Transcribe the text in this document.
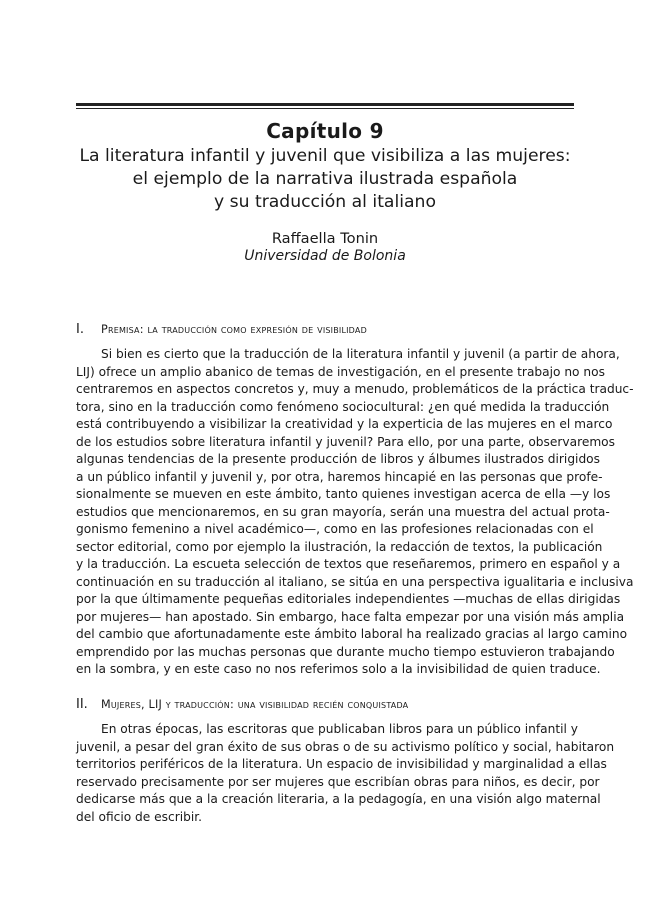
Capítulo 9
La literatura infantil y juvenil que visibiliza a las mujeres:
el ejemplo de la narrativa ilustrada española
y su traducción al italiano
Raffaella Tonin
Universidad de Bolonia
I. Premisa: la traducción como expresión de visibilidad
Si bien es cierto que la traducción de la literatura infantil y juvenil (a partir de ahora,
LIJ) ofrece un amplio abanico de temas de investigación, en el presente trabajo no nos
centraremos en aspectos concretos y, muy a menudo, problemáticos de la práctica traduc-
tora, sino en la traducción como fenómeno sociocultural: ¿en qué medida la traducción
está contribuyendo a visibilizar la creatividad y la experticia de las mujeres en el marco
de los estudios sobre literatura infantil y juvenil? Para ello, por una parte, observaremos
algunas tendencias de la presente producción de libros y álbumes ilustrados dirigidos
a un público infantil y juvenil y, por otra, haremos hincapié en las personas que profe-
sionalmente se mueven en este ámbito, tanto quienes investigan acerca de ella —y los
estudios que mencionaremos, en su gran mayoría, serán una muestra del actual prota-
gonismo femenino a nivel académico—, como en las profesiones relacionadas con el
sector editorial, como por ejemplo la ilustración, la redacción de textos, la publicación
y la traducción. La escueta selección de textos que reseñaremos, primero en español y a
continuación en su traducción al italiano, se sitúa en una perspectiva igualitaria e inclusiva
por la que últimamente pequeñas editoriales independientes —muchas de ellas dirigidas
por mujeres— han apostado. Sin embargo, hace falta empezar por una visión más amplia
del cambio que afortunadamente este ámbito laboral ha realizado gracias al largo camino
emprendido por las muchas personas que durante mucho tiempo estuvieron trabajando
en la sombra, y en este caso no nos referimos solo a la invisibilidad de quien traduce.
II. Mujeres, LIJ y traducción: una visibilidad recién conquistada
En otras épocas, las escritoras que publicaban libros para un público infantil y
juvenil, a pesar del gran éxito de sus obras o de su activismo político y social, habitaron
territorios periféricos de la literatura. Un espacio de invisibilidad y marginalidad a ellas
reservado precisamente por ser mujeres que escribían obras para niños, es decir, por
dedicarse más que a la creación literaria, a la pedagogía, en una visión algo maternal
del oficio de escribir.
